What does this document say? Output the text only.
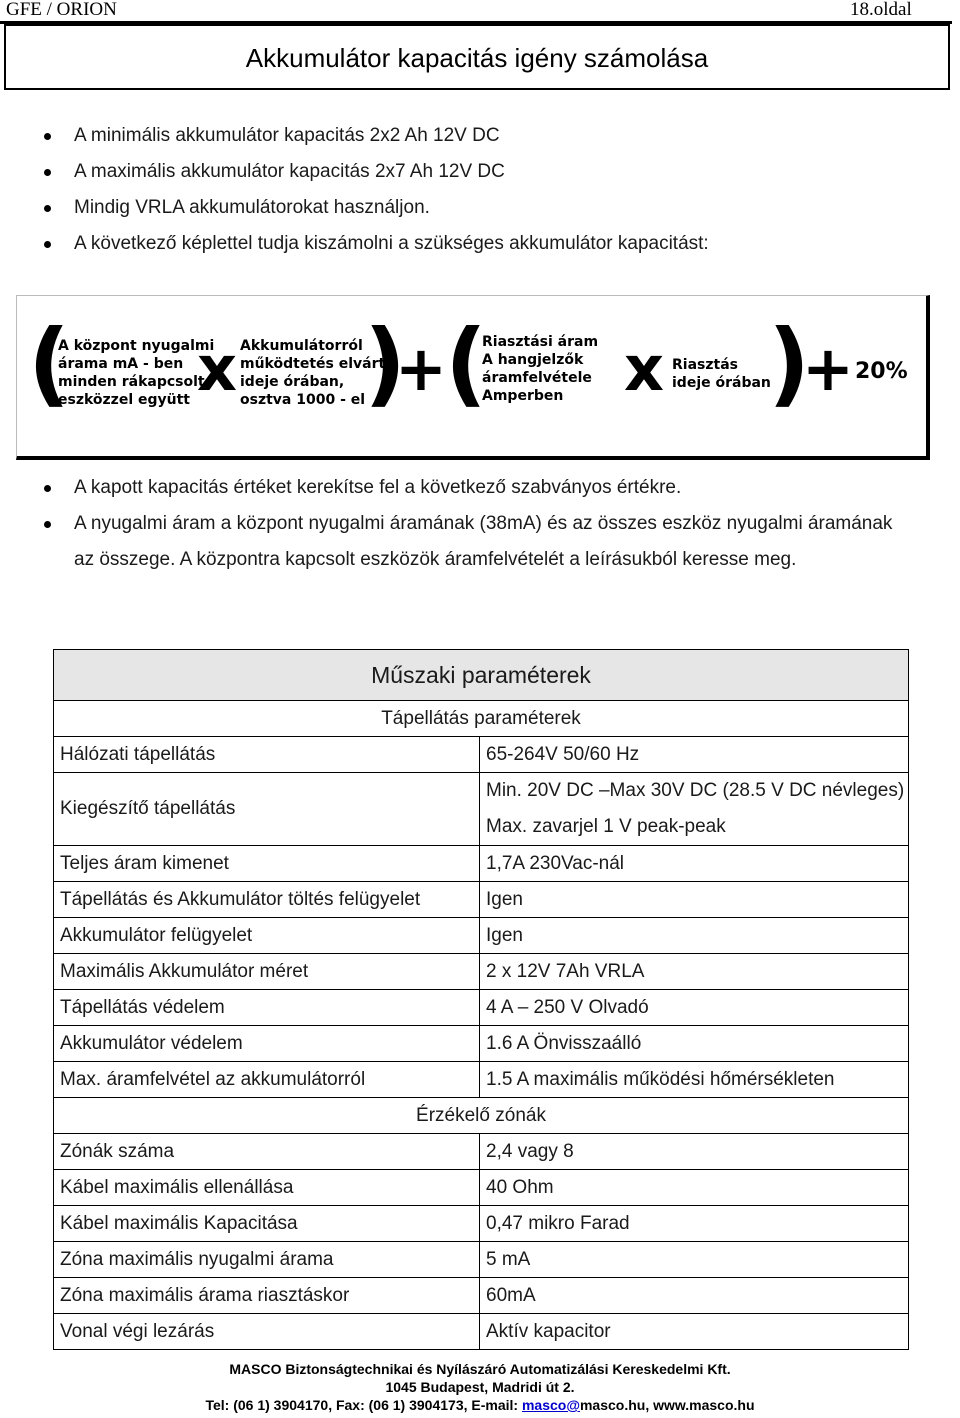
GFE / ORION	18.oldal
Akkumulátor kapacitás igény számolása
A minimális akkumulátor kapacitás 2x2 Ah 12V DC
A maximális akkumulátor kapacitás 2x7 Ah 12V DC
Mindig VRLA akkumulátorokat használjon.
A következő képlettel tudja kiszámolni a szükséges akkumulátor kapacitást:
(
A központ nyugalmi
árama mA - ben
minden rákapcsolt
eszközzel együtt x Akkumulátorról
működtetés elvárt
ideje órában,
osztva 1000 - el
)
+
(
Riasztási áram
A hangjelzők
áramfelvétele
Amperben x Riasztás
ideje órában
)
+ 20%
A kapott kapacitás értéket kerekítse fel a következő szabványos értékre.
A nyugalmi áram a központ nyugalmi áramának (38mA) és az összes eszköz nyugalmi áramának az összege. A központra kapcsolt eszközök áramfelvételét a leírásukból keresse meg.
Műszaki paraméterek	
Tápellátás paraméterek	
Hálózati tápellátás	65-264V 50/60 Hz
Kiegészítő tápellátás	Min. 20V DC –Max 30V DC (28.5 V DC névleges) Max. zavarjel 1 V peak-peak
Teljes áram kimenet	1,7A 230Vac-nál
Tápellátás és Akkumulátor töltés felügyelet	Igen
Akkumulátor felügyelet	Igen
Maximális Akkumulátor méret	2 x 12V 7Ah VRLA
Tápellátás védelem	4 A – 250 V Olvadó
Akkumulátor védelem	1.6 A Önvisszaálló
Max. áramfelvétel az akkumulátorról	1.5 A maximális működési hőmérsékleten
Érzékelő zónák	
Zónák száma	2,4 vagy 8
Kábel maximális ellenállása	40 Ohm
Kábel maximális Kapacitása	0,47 mikro Farad
Zóna maximális nyugalmi árama	5 mA
Zóna maximális árama riasztáskor	60mA
Vonal végi lezárás	Aktív kapacitor
MASCO Biztonságtechnikai és Nyílászáró Automatizálási Kereskedelmi Kft.
1045 Budapest, Madridi út 2.
Tel: (06 1) 3904170, Fax: (06 1) 3904173, E-mail: masco@masco.hu, www.masco.hu
